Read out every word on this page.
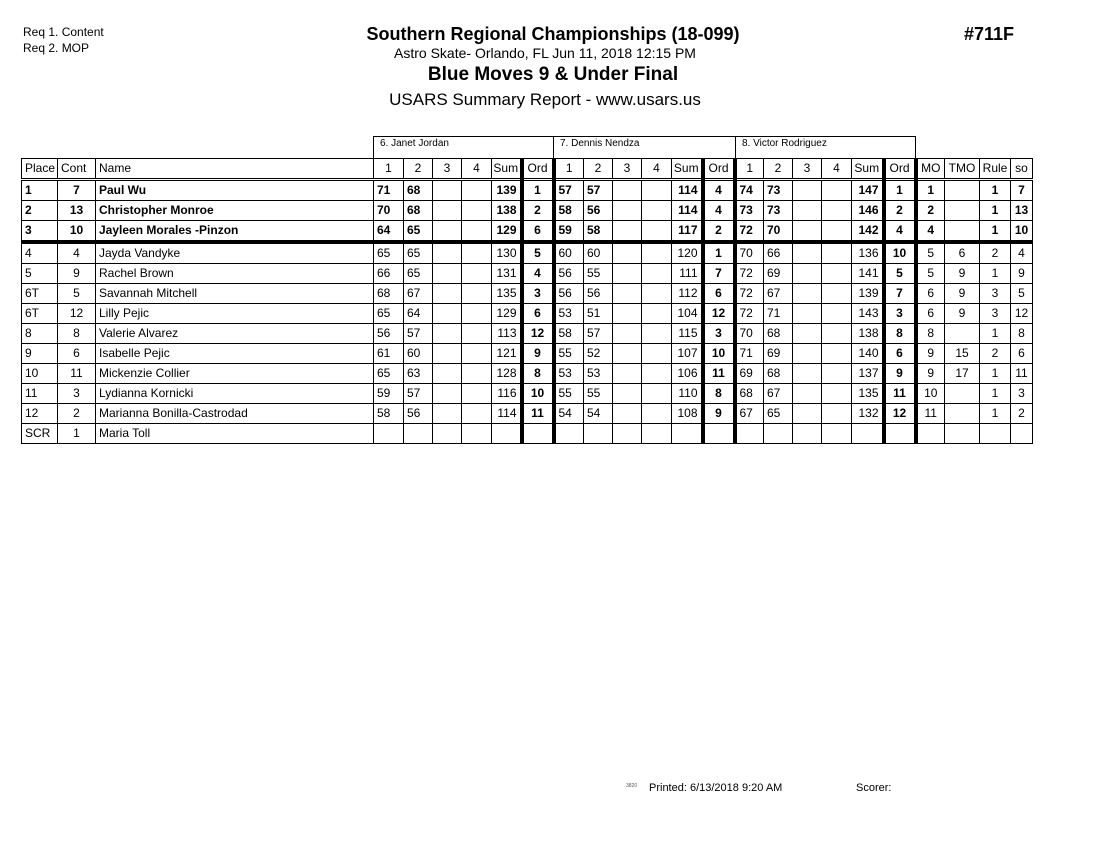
Req 1. Content
Req 2. MOP
Southern Regional Championships (18-099)
Astro Skate- Orlando, FL Jun 11, 2018 12:15 PM
Blue Moves 9 & Under Final
USARS Summary Report - www.usars.us
#711F
6. Janet Jordan	7. Dennis Nendza	8. Victor Rodriguez
Place	Cont	Name	1	2	3	4	Sum	Ord	1	2	3	4	Sum	Ord	1	2	3	4	Sum	Ord	MO	TMO	Rule	so
1	7	Paul Wu	71	68			139	1	57	57			114	4	74	73			147	1	1		1	7
2	13	Christopher Monroe	70	68			138	2	58	56			114	4	73	73			146	2	2		1	13
3	10	Jayleen Morales -Pinzon	64	65			129	6	59	58			117	2	72	70			142	4	4		1	10
4	4	Jayda Vandyke	65	65			130	5	60	60			120	1	70	66			136	10	5	6	2	4
5	9	Rachel Brown	66	65			131	4	56	55			111	7	72	69			141	5	5	9	1	9
6T	5	Savannah Mitchell	68	67			135	3	56	56			112	6	72	67			139	7	6	9	3	5
6T	12	Lilly Pejic	65	64			129	6	53	51			104	12	72	71			143	3	6	9	3	12
8	8	Valerie Alvarez	56	57			113	12	58	57			115	3	70	68			138	8	8		1	8
9	6	Isabelle Pejic	61	60			121	9	55	52			107	10	71	69			140	6	9	15	2	6
10	11	Mickenzie Collier	65	63			128	8	53	53			106	11	69	68			137	9	9	17	1	11
11	3	Lydianna Kornicki	59	57			116	10	55	55			110	8	68	67			135	11	10		1	3
12	2	Marianna Bonilla-Castrodad	58	56			114	11	54	54			108	9	67	65			132	12	11		1	2
SCR	1	Maria Toll																						
3820 Printed: 6/13/2018 9:20 AM	Scorer:
